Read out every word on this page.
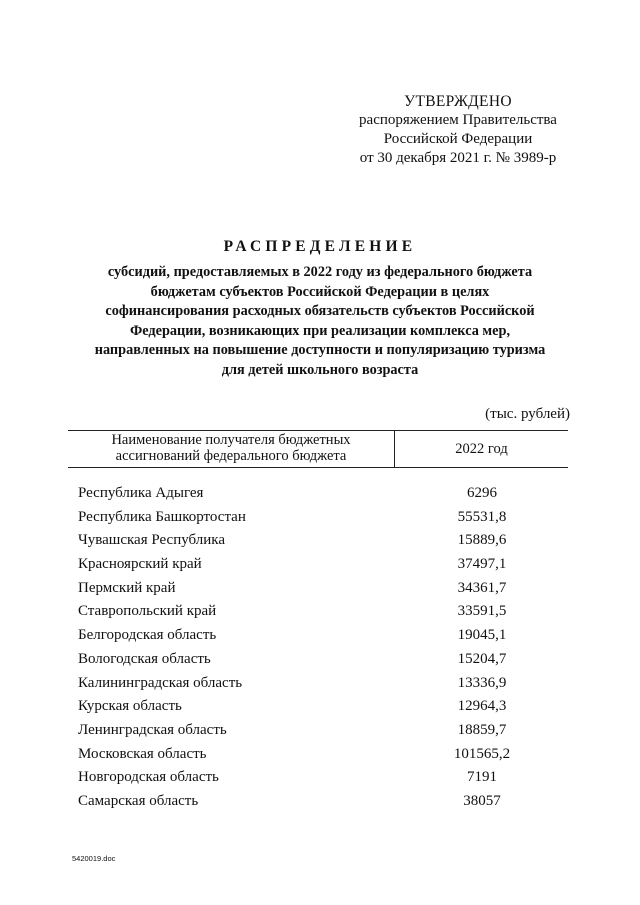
УТВЕРЖДЕНО
распоряжением Правительства
Российской Федерации
от 30 декабря 2021 г. № 3989-р
РАСПРЕДЕЛЕНИЕ
субсидий, предоставляемых в 2022 году из федерального бюджета
бюджетам субъектов Российской Федерации в целях
софинансирования расходных обязательств субъектов Российской
Федерации, возникающих при реализации комплекса мер,
направленных на повышение доступности и популяризацию туризма
для детей школьного возраста
(тыс. рублей)
Наименование получателя бюджетных
ассигнований федерального бюджета	2022 год
Республика Адыгея	6296
Республика Башкортостан	55531,8
Чувашская Республика	15889,6
Красноярский край	37497,1
Пермский край	34361,7
Ставропольский край	33591,5
Белгородская область	19045,1
Вологодская область	15204,7
Калининградская область	13336,9
Курская область	12964,3
Ленинградская область	18859,7
Московская область	101565,2
Новгородская область	7191
Самарская область	38057
5420019.doc
